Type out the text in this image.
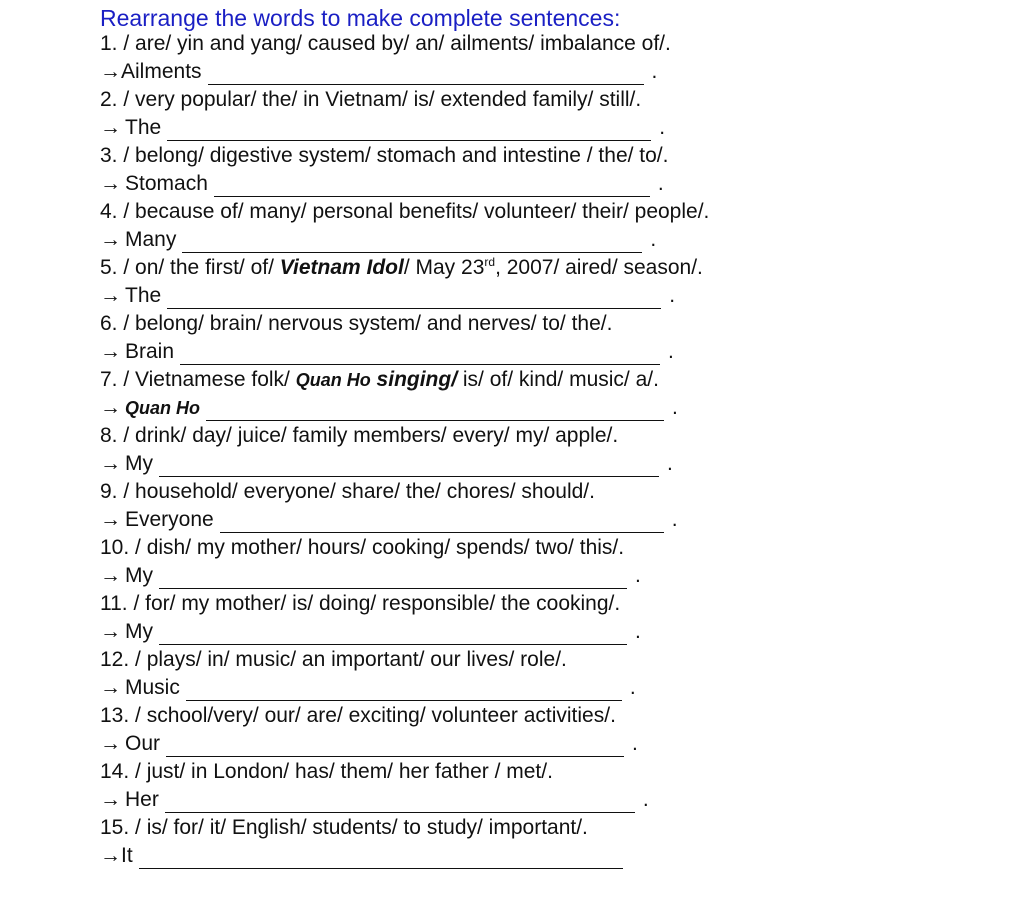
Rearrange the words to make complete sentences:
1. / are/ yin and yang/ caused by/ an/ ailments/ imbalance of/.
→ Ailments	.
2. / very popular/ the/ in Vietnam/ is/ extended family/ still/.
→ The	.
3. / belong/ digestive system/ stomach and intestine / the/ to/.
→ Stomach	.
4. / because of/ many/ personal benefits/ volunteer/ their/ people/.
→ Many	.
5. / on/ the first/ of/ Vietnam Idol/ May 23rd, 2007/ aired/ season/.
→ The	.
6. / belong/ brain/ nervous system/ and nerves/ to/ the/.
→ Brain	.
7. / Vietnamese folk/ Quan Ho singing/ is/ of/ kind/ music/ a/.
→ Quan Ho	.
8. / drink/ day/ juice/ family members/ every/ my/ apple/.
→ My	.
9. / household/ everyone/ share/ the/ chores/ should/.
→ Everyone	.
10. / dish/ my mother/ hours/ cooking/ spends/ two/ this/.
→ My	.
11. / for/ my mother/ is/ doing/ responsible/ the cooking/.
→ My	.
12. / plays/ in/ music/ an important/ our lives/ role/.
→ Music	.
13. / school/very/ our/ are/ exciting/ volunteer activities/.
→ Our	.
14. / just/ in London/ has/ them/ her father / met/.
→ Her	.
15. / is/ for/ it/ English/ students/ to study/ important/.
→ It
